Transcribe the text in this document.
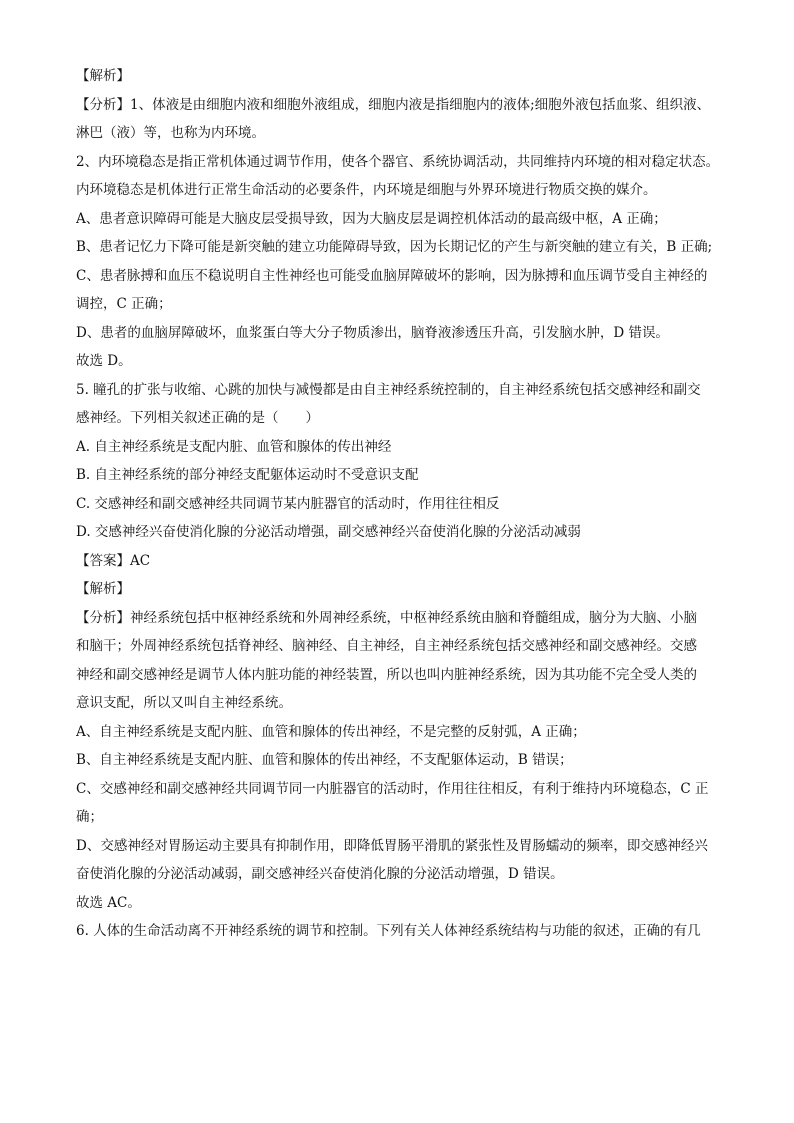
【解析】
【分析】1、体液是由细胞内液和细胞外液组成，细胞内液是指细胞内的液体;细胞外液包括血浆、组织液、
淋巴（液）等，也称为内环境。
2、内环境稳态是指正常机体通过调节作用，使各个器官、系统协调活动，共同维持内环境的相对稳定状态。
内环境稳态是机体进行正常生命活动的必要条件，内环境是细胞与外界环境进行物质交换的媒介。
A、患者意识障碍可能是大脑皮层受损导致，因为大脑皮层是调控机体活动的最高级中枢，A 正确；
B、患者记忆力下降可能是新突触的建立功能障碍导致，因为长期记忆的产生与新突触的建立有关，B 正确;
C、患者脉搏和血压不稳说明自主性神经也可能受血脑屏障破坏的影响，因为脉搏和血压调节受自主神经的
调控，C 正确；
D、患者的血脑屏障破坏，血浆蛋白等大分子物质渗出，脑脊液渗透压升高，引发脑水肿，D 错误。
故选 D。
5. 瞳孔的扩张与收缩、心跳的加快与减慢都是由自主神经系统控制的，自主神经系统包括交感神经和副交
感神经。下列相关叙述正确的是（　　）
A. 自主神经系统是支配内脏、血管和腺体的传出神经
B. 自主神经系统的部分神经支配躯体运动时不受意识支配
C. 交感神经和副交感神经共同调节某内脏器官的活动时，作用往往相反
D. 交感神经兴奋使消化腺的分泌活动增强，副交感神经兴奋使消化腺的分泌活动减弱
【答案】AC
【解析】
【分析】神经系统包括中枢神经系统和外周神经系统，中枢神经系统由脑和脊髓组成，脑分为大脑、小脑
和脑干；外周神经系统包括脊神经、脑神经、自主神经，自主神经系统包括交感神经和副交感神经。交感
神经和副交感神经是调节人体内脏功能的神经装置，所以也叫内脏神经系统，因为其功能不完全受人类的
意识支配，所以又叫自主神经系统。
A、自主神经系统是支配内脏、血管和腺体的传出神经，不是完整的反射弧，A 正确；
B、自主神经系统是支配内脏、血管和腺体的传出神经，不支配躯体运动，B 错误；
C、交感神经和副交感神经共同调节同一内脏器官的活动时，作用往往相反，有利于维持内环境稳态，C 正
确；
D、交感神经对胃肠运动主要具有抑制作用，即降低胃肠平滑肌的紧张性及胃肠蠕动的频率，即交感神经兴
奋使消化腺的分泌活动减弱，副交感神经兴奋使消化腺的分泌活动增强，D 错误。
故选 AC。
6. 人体的生命活动离不开神经系统的调节和控制。下列有关人体神经系统结构与功能的叙述，正确的有几
